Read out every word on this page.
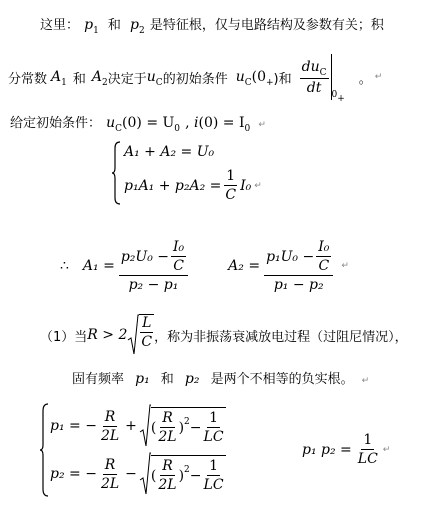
这里： $p_1$ 和 $p_2$ 是特征根，仅与电路结构及参数有关；积
分常数 $A_1$ 和 $A_2$ 决定于 $u_C$ 的初始条件 $u_C$ ($0_+$ )和 $\frac{du_C}{dt} 0+$
。 ↵
给定初始条件： $u_C(0) = U_0$ , $i(0) = I_0$ ↵
A₁ + A₂ = U₀
$p_1A_1 + p_2A_2 = \frac{1}{C} I_0$ ↵
∴ $A_1 = \frac{p_2U_0 - \frac{\text{I₀}}{C}}{\text{p₂ − p₁}}$	$A_2 = \frac{p_1U_0 - \frac{\text{I₀}}{C}}{\text{p₁ − p₂}}$ ↵
（1）当 $R > 2 \frac{L}{C}$ ，称为非振荡衰减放电过程（过阻尼情况），
固有频率 p₁ 和 p₂ 是两个不相等的负实根。 ↵
p₁ = − $\frac{R}{2L}$ + ( $\frac{R}{2L}$ ) $2 - \frac{1}{LC}$
p₂ = − $\frac{R}{2L}$ − ( $\frac{R}{2L}$ ) $2 - \frac{1}{LC}$
p₁ $p_2 = \frac{1}{LC}$ ↵
